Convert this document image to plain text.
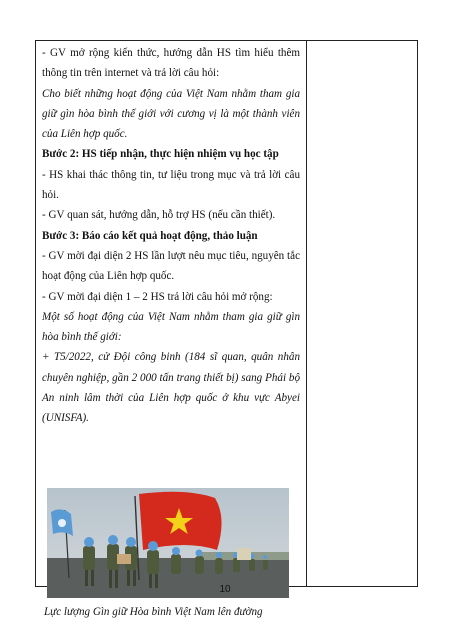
- GV mở rộng kiến thức, hướng dẫn HS tìm hiểu thêm thông tin trên internet và trả lời câu hỏi:

Cho biết những hoạt động của Việt Nam nhằm tham gia giữ gìn hòa bình thế giới với cương vị là một thành viên của Liên hợp quốc.

Bước 2: HS tiếp nhận, thực hiện nhiệm vụ học tập

- HS khai thác thông tin, tư liệu trong mục và trả lời câu hỏi.

- GV quan sát, hướng dẫn, hỗ trợ HS (nếu cần thiết).

Bước 3: Báo cáo kết quả hoạt động, thảo luận

- GV mời đại diện 2 HS lần lượt nêu mục tiêu, nguyên tắc hoạt động của Liên hợp quốc.

- GV mời đại diện 1 – 2 HS trả lời câu hỏi mở rộng:

Một số hoạt động của Việt Nam nhằm tham gia giữ gìn hòa bình thế giới:

+ T5/2022, cử Đội công binh (184 sĩ quan, quân nhân chuyên nghiệp, gần 2 000 tấn trang thiết bị) sang Phái bộ An ninh lâm thời của Liên hợp quốc ở khu vực Abyei (UNISFA).

Lực lượng Gìn giữ Hòa bình Việt Nam lên đường

10
